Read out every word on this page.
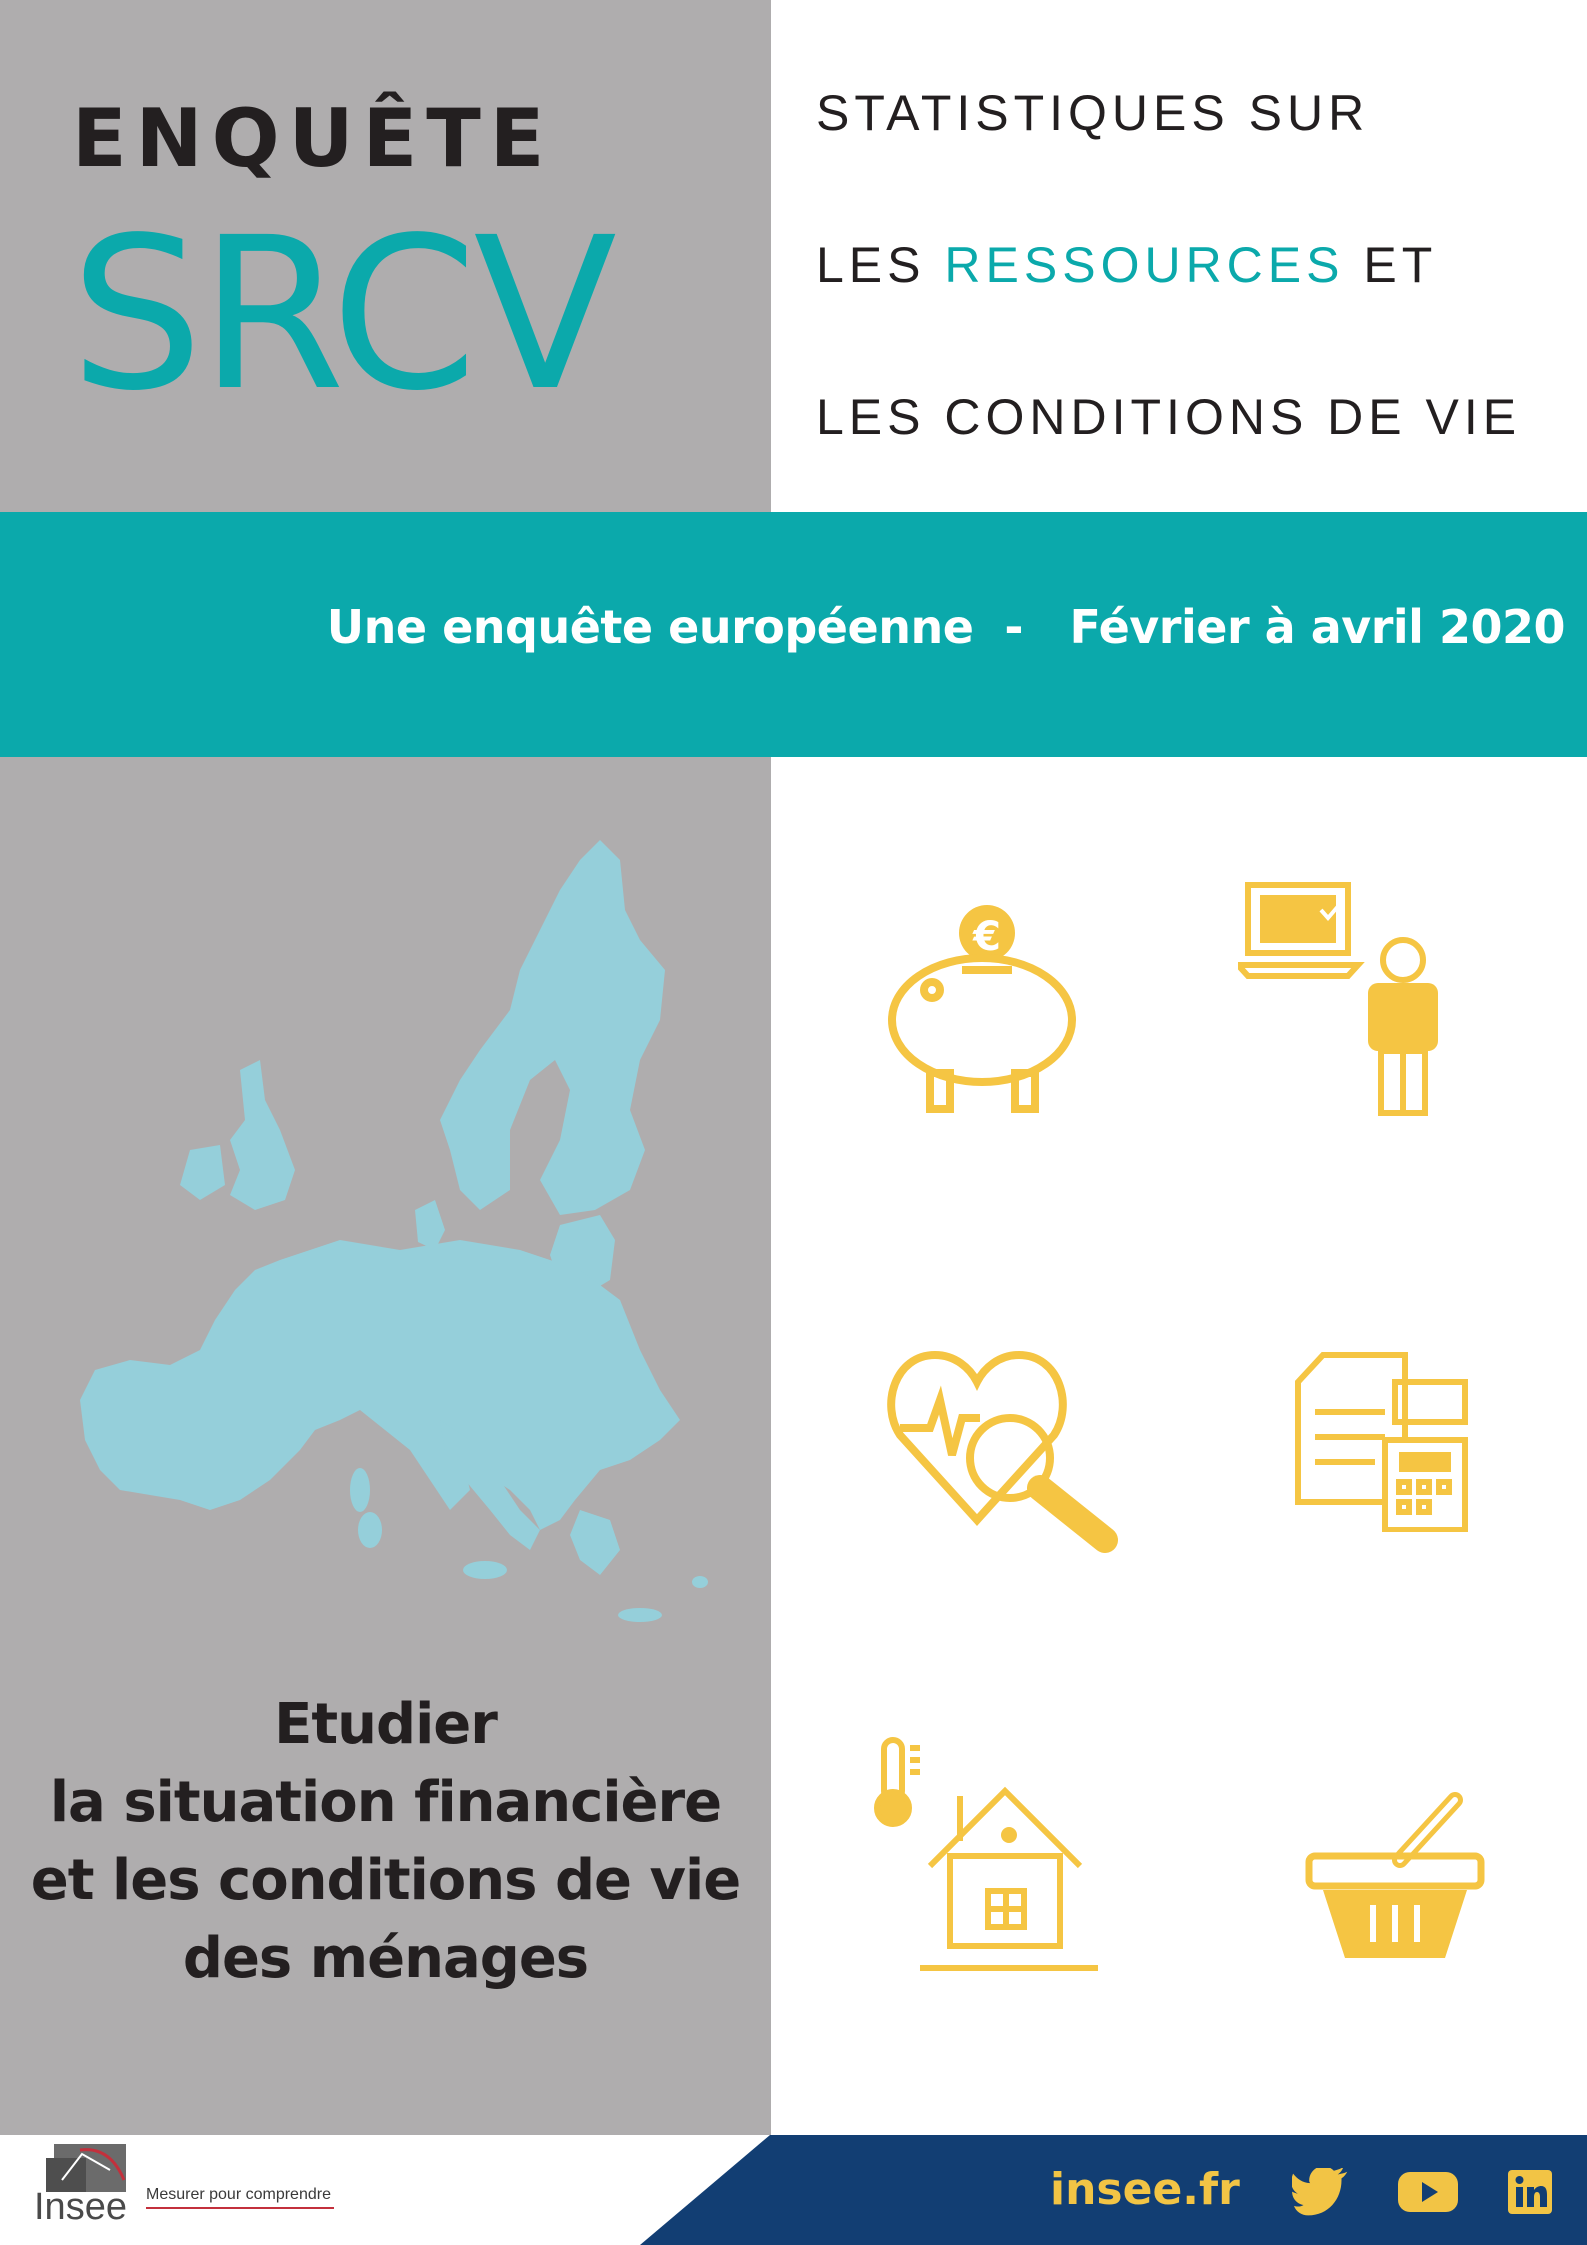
ENQUÊTE
SRCV
STATISTIQUES SUR
LES RESSOURCES ET
LES CONDITIONS DE VIE
Une enquête européenne  -   Février à avril 2020
Etudier
la situation financière
et les conditions de vie
des ménages
€
Insee Mesurer pour comprendre	insee.fr
